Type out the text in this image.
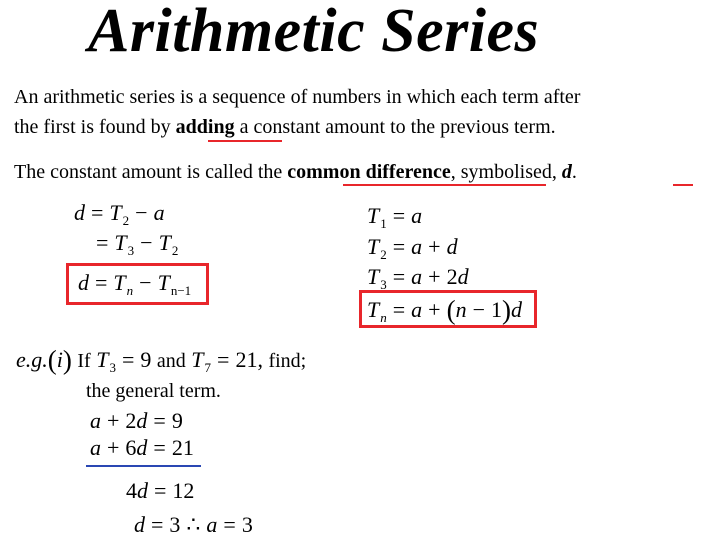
Arithmetic Series
An arithmetic series is a sequence of numbers in which each term after
the first is found by adding a constant amount to the previous term.
The constant amount is called the common difference, symbolised, d.
$d = T_2 - a$
= $T_3 - T_2$
$d = T_n - T_{n-1}$
$T_1 = a$
$T_2 = a + d$
$T_3 = a + 2d$
$T_n = a + (n - 1)d$
e.g.(i) If $T_3 = 9$ and $T_7 = 21$, find;
the general term.
a + 2d = 9
a + 6d = 21
4d = 12
d = 3 ∴ a = 3
